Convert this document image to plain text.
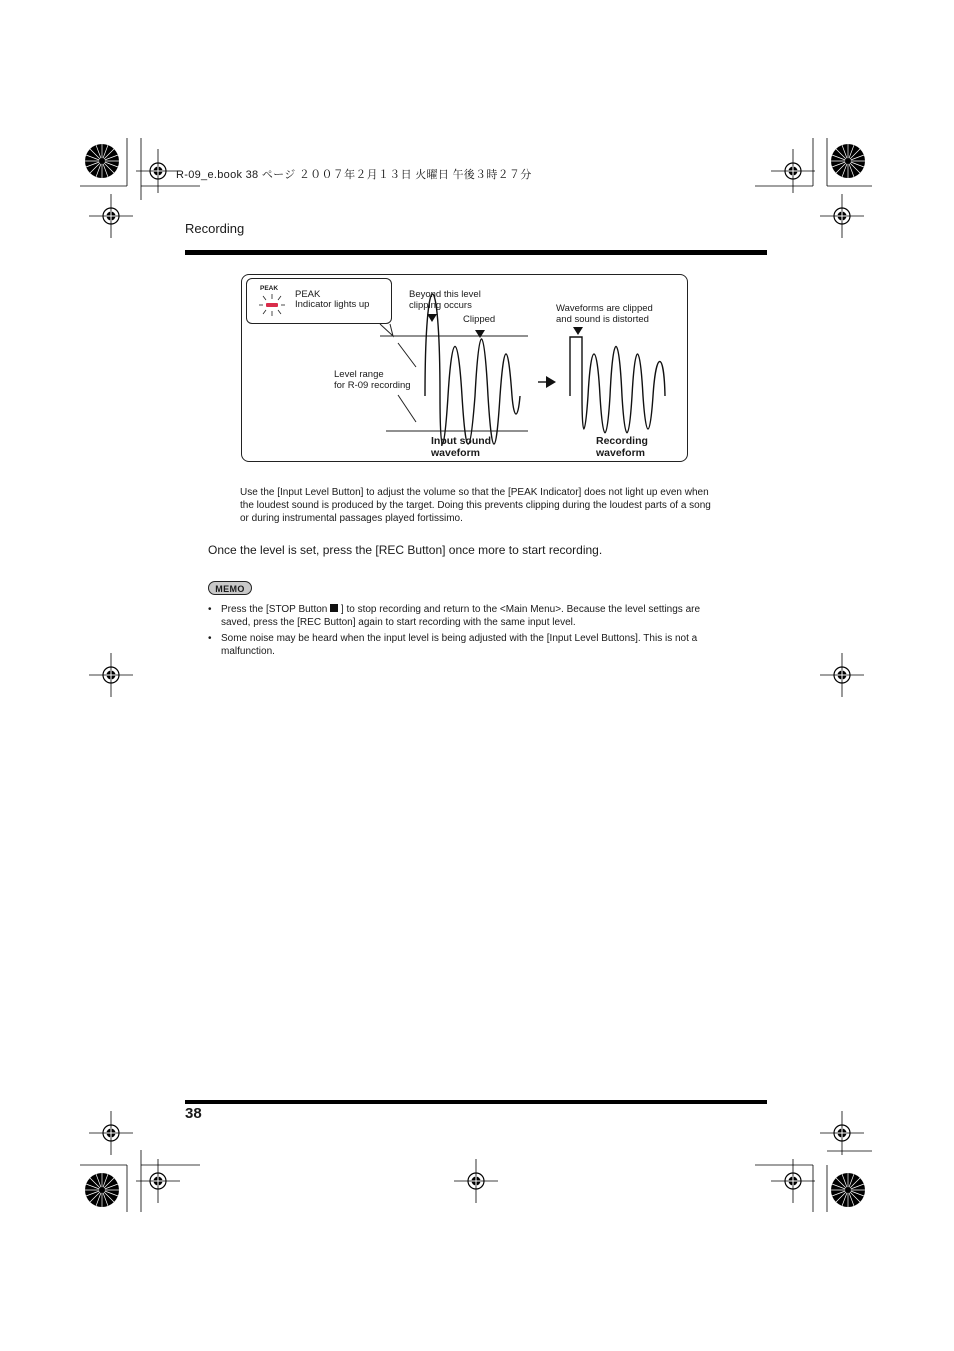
R-09_e.book 38 ページ ２００７年２月１３日 火曜日 午後３時２７分
Recording
PEAK
PEAK
Indicator lights up
Beyond this level
clipping occurs
Clipped
Waveforms are clipped
and sound is distorted
Level range
for R-09 recording
Input sound
waveform
Recording
waveform
Use the [Input Level Button] to adjust the volume so that the [PEAK Indicator] does not light up even when the loudest sound is produced by the target. Doing this prevents clipping during the loudest parts of a song or during instrumental passages played fortissimo.
Once the level is set, press the [REC Button] once more to start recording.
MEMO
• Press the [STOP Button  ] to stop recording and return to the <Main Menu>. Because the level settings are saved, press the [REC Button] again to start recording with the same input level.
• Some noise may be heard when the input level is being adjusted with the [Input Level Buttons]. This is not a malfunction.
38
